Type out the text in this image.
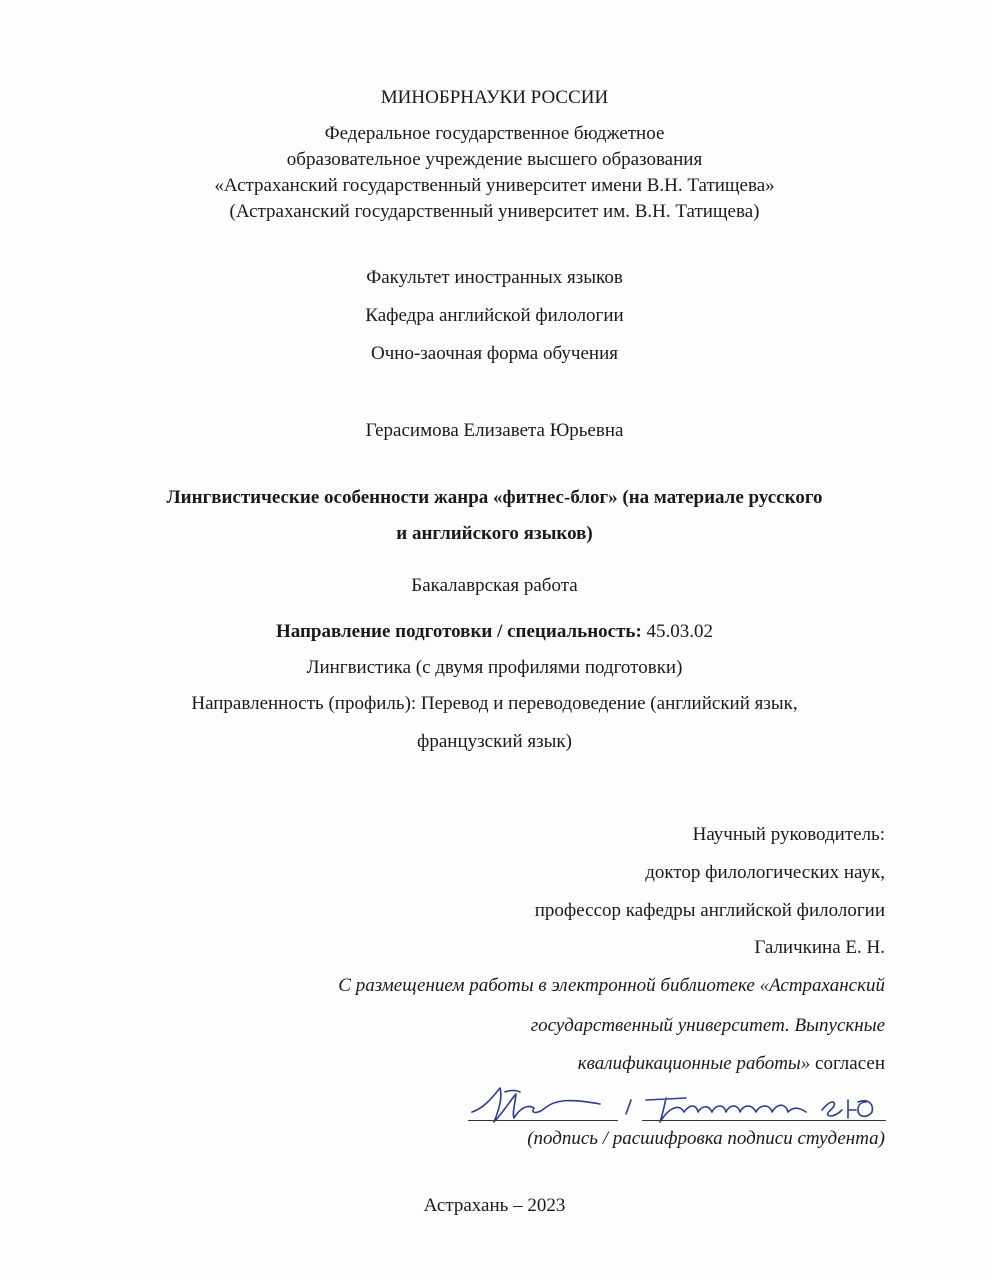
МИНОБРНАУКИ РОССИИ
Федеральное государственное бюджетное
образовательное учреждение высшего образования
«Астраханский государственный университет имени В.Н. Татищева»
(Астраханский государственный университет им. В.Н. Татищева)
Факультет иностранных языков
Кафедра английской филологии
Очно-заочная форма обучения
Герасимова Елизавета Юрьевна
Лингвистические особенности жанра «фитнес-блог» (на материале русского
и английского языков)
Бакалаврская работа
Направление подготовки / специальность: 45.03.02
Лингвистика (с двумя профилями подготовки)
Направленность (профиль): Перевод и переводоведение (английский язык,
французский язык)
Научный руководитель:
доктор филологических наук,
профессор кафедры английской филологии
Галичкина Е. Н.
С размещением работы в электронной библиотеке «Астраханский
государственный университет. Выпускные
квалификационные работы» согласен
(подпись / расшифровка подписи студента)
Астрахань – 2023
